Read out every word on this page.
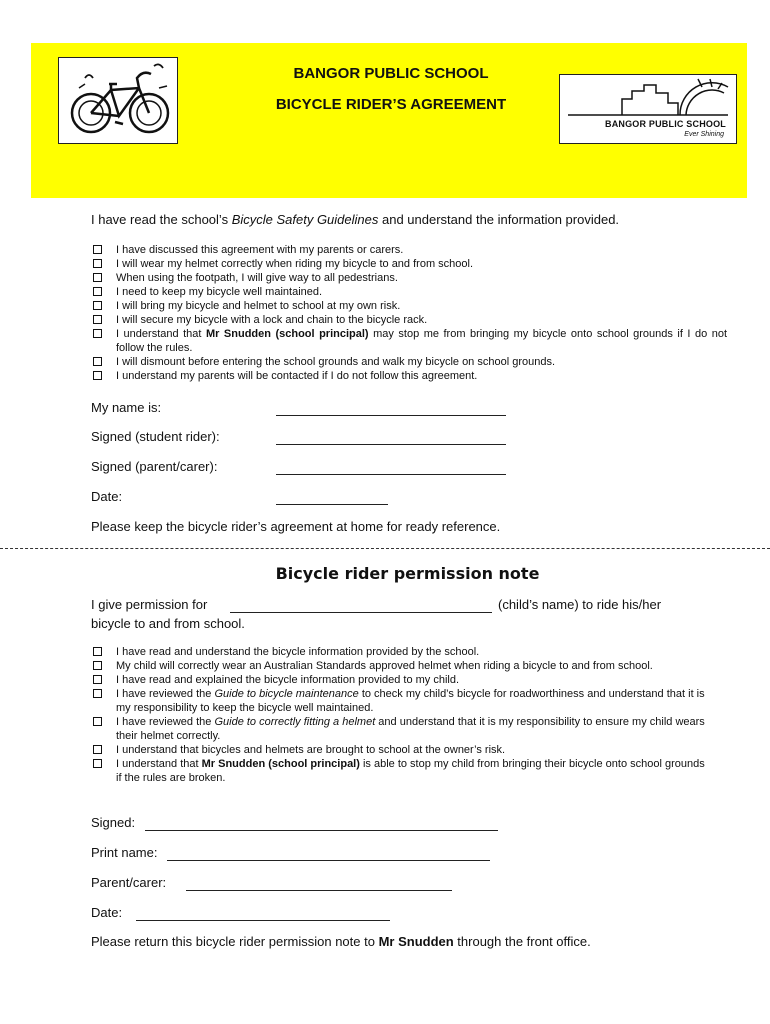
BANGOR PUBLIC SCHOOL
BICYCLE RIDER’S AGREEMENT
BANGOR PUBLIC SCHOOL
Ever Shining
I have read the school’s Bicycle Safety Guidelines and understand the information provided.
I have discussed this agreement with my parents or carers.
I will wear my helmet correctly when riding my bicycle to and from school.
When using the footpath, I will give way to all pedestrians.
I need to keep my bicycle well maintained.
I will bring my bicycle and helmet to school at my own risk.
I will secure my bicycle with a lock and chain to the bicycle rack.
I understand that Mr Snudden (school principal) may stop me from bringing my bicycle onto school grounds if I do not follow the rules.
I will dismount before entering the school grounds and walk my bicycle on school grounds.
I understand my parents will be contacted if I do not follow this agreement.
My name is:
Signed (student rider):
Signed (parent/carer):
Date:
Please keep the bicycle rider’s agreement at home for ready reference.
Bicycle rider permission note
I give permission for	(child’s name) to ride his/her
bicycle to and from school.
I have read and understand the bicycle information provided by the school.
My child will correctly wear an Australian Standards approved helmet when riding a bicycle to and from school.
I have read and explained the bicycle information provided to my child.
I have reviewed the Guide to bicycle maintenance to check my child’s bicycle for roadworthiness and understand that it is my responsibility to keep the bicycle well maintained.
I have reviewed the Guide to correctly fitting a helmet and understand that it is my responsibility to ensure my child wears their helmet correctly.
I understand that bicycles and helmets are brought to school at the owner’s risk.
I understand that Mr Snudden (school principal) is able to stop my child from bringing their bicycle onto school grounds if the rules are broken.
Signed:
Print name:
Parent/carer:
Date:
Please return this bicycle rider permission note to Mr Snudden through the front office.
